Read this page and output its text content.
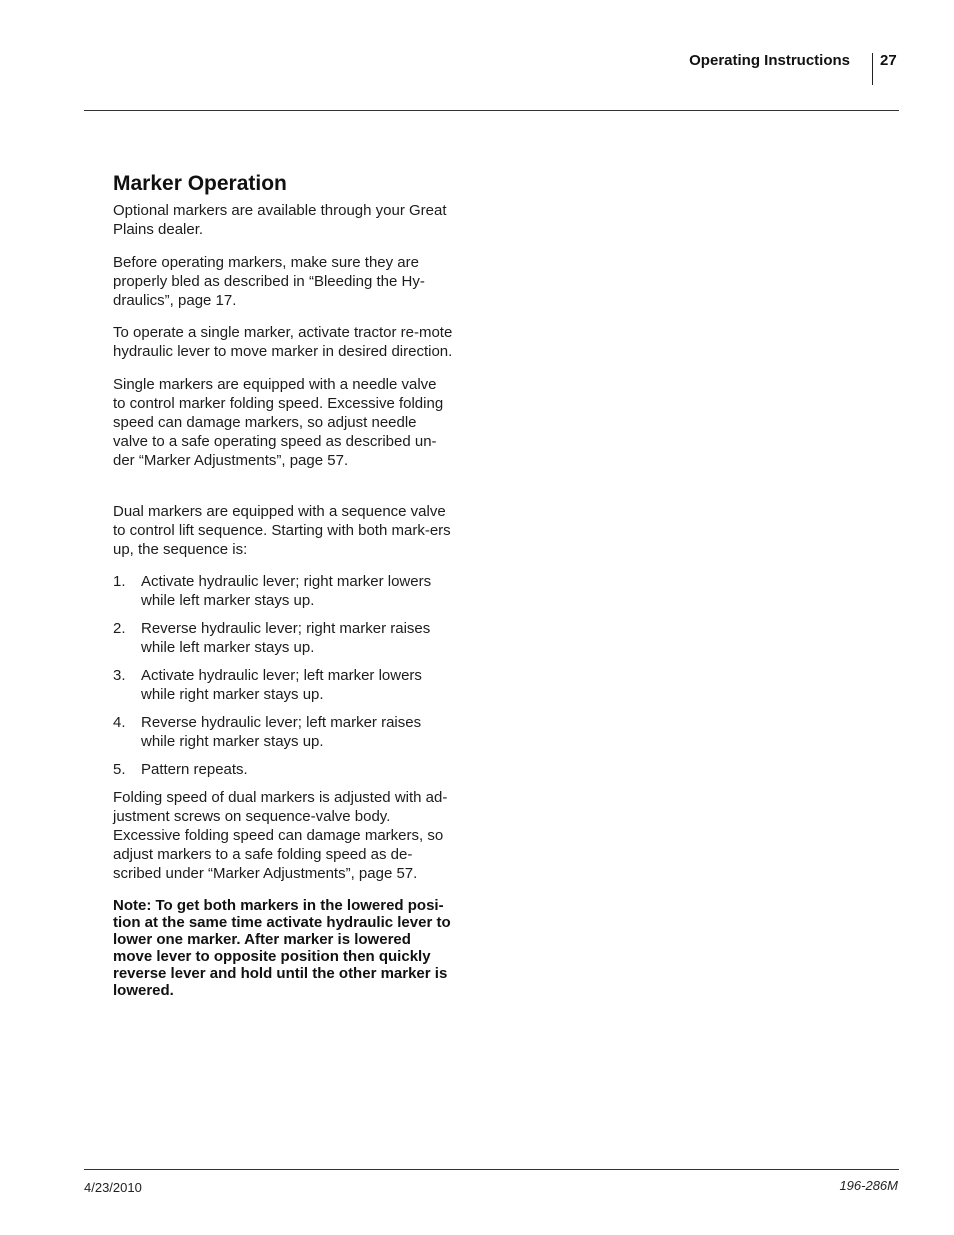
Operating Instructions 27
Marker Operation

Optional markers are available through your Great Plains dealer.

Before operating markers, make sure they are properly bled as described in “Bleeding the Hy-draulics”, page 17.

To operate a single marker, activate tractor re-mote hydraulic lever to move marker in desired direction.

Single markers are equipped with a needle valve to control marker folding speed. Excessive folding speed can damage markers, so adjust needle valve to a safe operating speed as described un-der “Marker Adjustments”, page 57.

Dual markers are equipped with a sequence valve to control lift sequence. Starting with both mark-ers up, the sequence is:

1. Activate hydraulic lever; right marker lowers while left marker stays up.
2. Reverse hydraulic lever; right marker raises while left marker stays up.
3. Activate hydraulic lever; left marker lowers while right marker stays up.
4. Reverse hydraulic lever; left marker raises while right marker stays up.
5. Pattern repeats.

Folding speed of dual markers is adjusted with ad-justment screws on sequence-valve body. Excessive folding speed can damage markers, so adjust markers to a safe folding speed as de-scribed under “Marker Adjustments”, page 57.

Note: To get both markers in the lowered posi-tion at the same time activate hydraulic lever to lower one marker. After marker is lowered move lever to opposite position then quickly reverse lever and hold until the other marker is lowered.

4/23/2010	196-286M
